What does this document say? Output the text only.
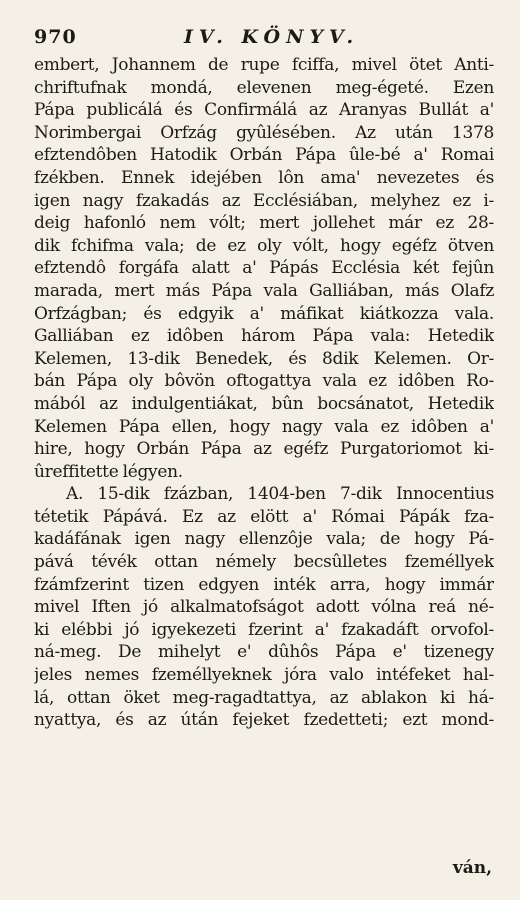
970	IV. KÖNYV.
embert, Johannem de rupe fciffa, mivel ötet Anti-
chriftufnak mondá, elevenen meg-égeté. Ezen
Pápa publicálá és Confirmálá az Aranyas Bullát a'
Norimbergai Orfzág gyûlésében. Az után 1378
efztendôben Hatodik Orbán Pápa ûle-bé a' Romai
fzékben. Ennek idejében lôn ama' nevezetes és
igen nagy fzakadás az Ecclésiában, melyhez ez i-
deig hafonló nem vólt; mert jollehet már ez 28-
dik fchifma vala; de ez oly vólt, hogy egéfz ötven
efztendô forgáfa alatt a' Pápás Ecclésia két fejûn
marada, mert más Pápa vala Galliában, más Olafz
Orfzágban; és edgyik a' máfikat kiátkozza vala.
Galliában ez idôben három Pápa vala: Hetedik
Kelemen, 13-dik Benedek, és 8dik Kelemen. Or-
bán Pápa oly bôvön oftogattya vala ez idôben Ro-
mából az indulgentiákat, bûn bocsánatot, Hetedik
Kelemen Pápa ellen, hogy nagy vala ez idôben a'
hire, hogy Orbán Pápa az egéfz Purgatoriomot ki-
ûreffitette légyen.
A. 15-dik fzázban, 1404-ben 7-dik Innocentius
tétetik Pápává. Ez az elött a' Római Pápák fza-
kadáfának igen nagy ellenzôje vala; de hogy Pá-
pává tévék ottan némely becsûlletes fzeméllyek
fzámfzerint tizen edgyen inték arra, hogy immár
mivel Iften jó alkalmatofságot adott vólna reá né-
ki elébbi jó igyekezeti fzerint a' fzakadáft orvofol-
ná-meg. De mihelyt e' dûhôs Pápa e' tizenegy
jeles nemes fzeméllyeknek jóra valo intéfeket hal-
lá, ottan öket meg-ragadtattya, az ablakon ki há-
nyattya, és az útán fejeket fzedetteti; ezt mond-
ván,
